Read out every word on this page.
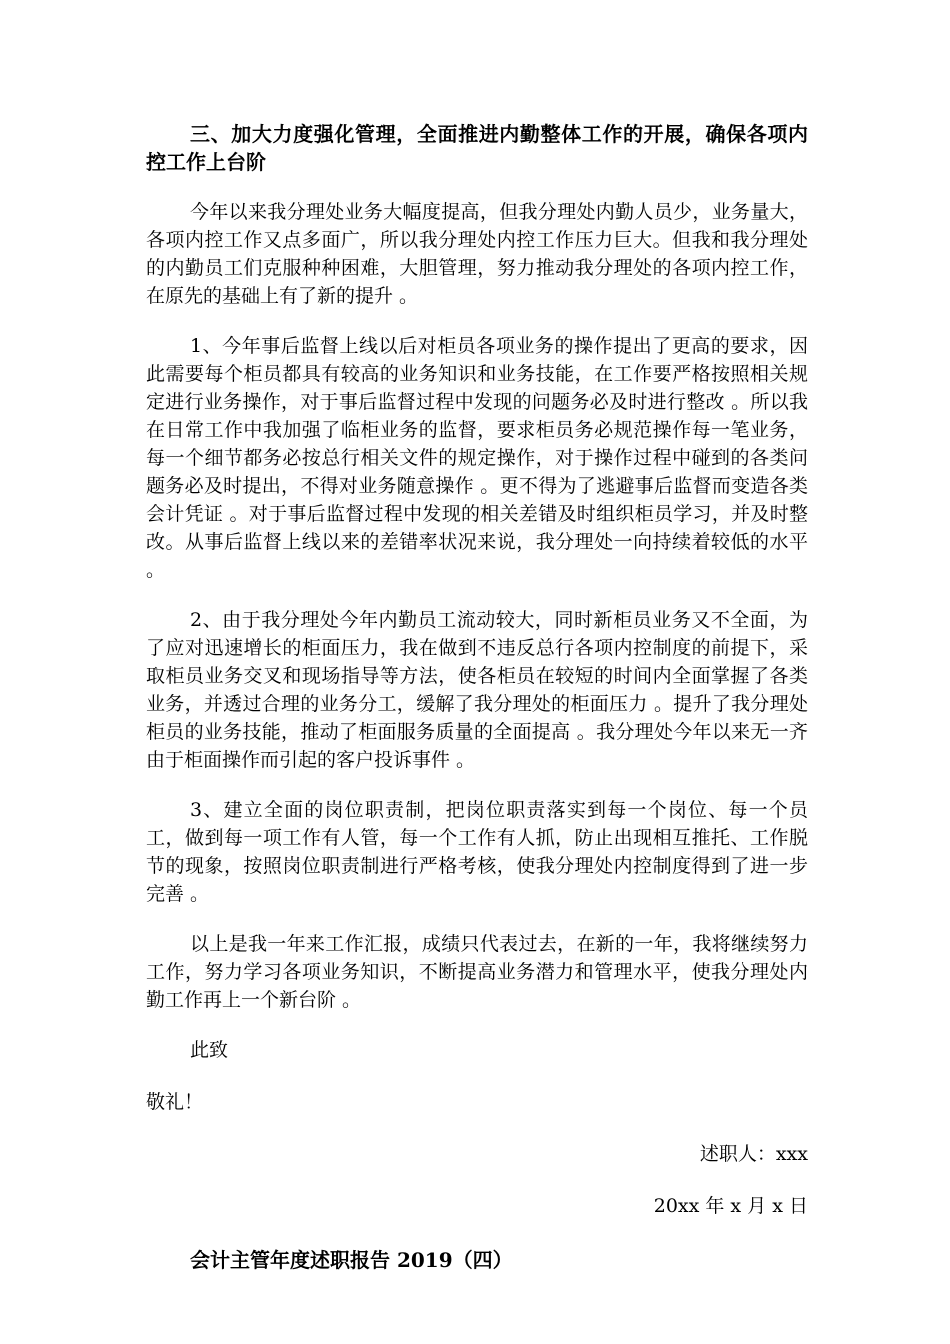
三、加大力度强化管理，全面推进内勤整体工作的开展，确保各项内控工作上台阶

今年以来我分理处业务大幅度提高，但我分理处内勤人员少，业务量大，各项内控工作又点多面广，所以我分理处内控工作压力巨大。但我和我分理处的内勤员工们克服种种困难，大胆管理，努力推动我分理处的各项内控工作，在原先的基础上有了新的提升 。

1、今年事后监督上线以后对柜员各项业务的操作提出了更高的要求，因此需要每个柜员都具有较高的业务知识和业务技能，在工作要严格按照相关规定进行业务操作，对于事后监督过程中发现的问题务必及时进行整改 。所以我在日常工作中我加强了临柜业务的监督，要求柜员务必规范操作每一笔业务，每一个细节都务必按总行相关文件的规定操作，对于操作过程中碰到的各类问题务必及时提出，不得对业务随意操作 。更不得为了逃避事后监督而变造各类会计凭证 。对于事后监督过程中发现的相关差错及时组织柜员学习，并及时整改。从事后监督上线以来的差错率状况来说，我分理处一向持续着较低的水平 。

2、由于我分理处今年内勤员工流动较大，同时新柜员业务又不全面，为了应对迅速增长的柜面压力，我在做到不违反总行各项内控制度的前提下，采取柜员业务交叉和现场指导等方法，使各柜员在较短的时间内全面掌握了各类业务，并透过合理的业务分工，缓解了我分理处的柜面压力 。提升了我分理处柜员的业务技能，推动了柜面服务质量的全面提高 。我分理处今年以来无一齐由于柜面操作而引起的客户投诉事件 。

3、建立全面的岗位职责制，把岗位职责落实到每一个岗位、每一个员工，做到每一项工作有人管，每一个工作有人抓，防止出现相互推托、工作脱节的现象，按照岗位职责制进行严格考核，使我分理处内控制度得到了进一步完善 。

以上是我一年来工作汇报，成绩只代表过去，在新的一年，我将继续努力工作，努力学习各项业务知识，不断提高业务潜力和管理水平，使我分理处内勤工作再上一个新台阶 。

此致

敬礼！

述职人：xxx

20xx 年 x 月 x 日

会计主管年度述职报告 2019（四）
